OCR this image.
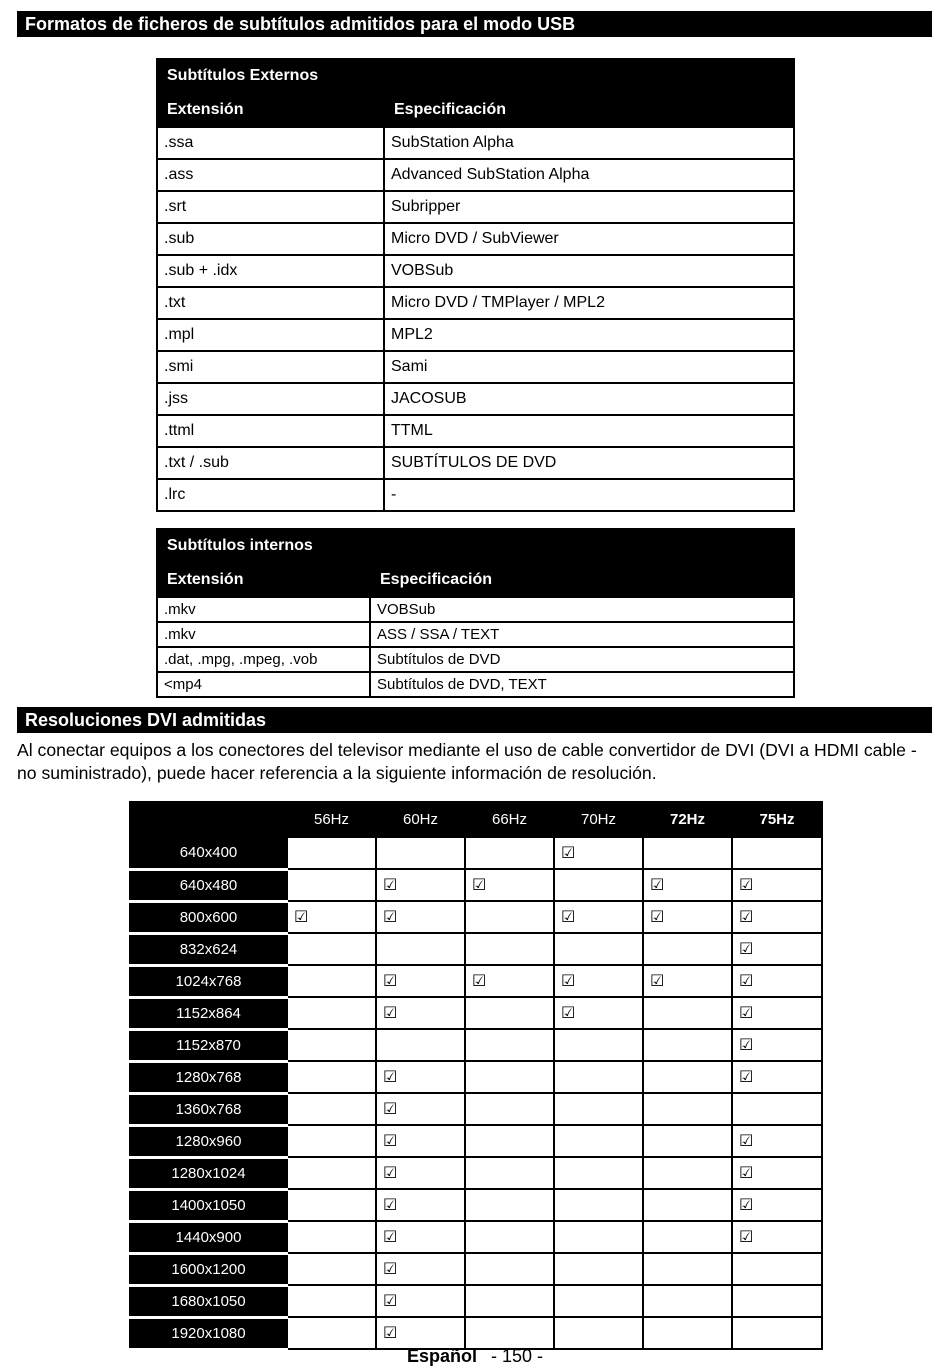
Formatos de ficheros de subtítulos admitidos para el modo USB
Subtítulos Externos	
Extensión	Especificación
.ssa	SubStation Alpha
.ass	Advanced SubStation Alpha
.srt	Subripper
.sub	Micro DVD / SubViewer
.sub + .idx	VOBSub
.txt	Micro DVD / TMPlayer / MPL2
.mpl	MPL2
.smi	Sami
.jss	JACOSUB
.ttml	TTML
.txt / .sub	SUBTÍTULOS DE DVD
.lrc	-
Subtítulos internos	
Extensión	Especificación
.mkv	VOBSub
.mkv	ASS / SSA / TEXT
.dat, .mpg, .mpeg, .vob	Subtítulos de DVD
<mp4	Subtítulos de DVD, TEXT
Resoluciones DVI admitidas

Al conectar equipos a los conectores del televisor mediante el uso de cable convertidor de DVI (DVI a HDMI cable - no suministrado), puede hacer referencia a la siguiente información de resolución.

	56Hz	60Hz	66Hz	70Hz	72Hz	75Hz
640x400				☑		
640x480		☑	☑		☑	☑
800x600	☑	☑		☑	☑	☑
832x624						☑
1024x768		☑	☑	☑	☑	☑
1152x864		☑		☑		☑
1152x870						☑
1280x768		☑				☑
1360x768		☑				
1280x960		☑				☑
1280x1024		☑				☑
1400x1050		☑				☑
1440x900		☑				☑
1600x1200		☑				
1680x1050		☑				
1920x1080		☑				
Español - 150 -
